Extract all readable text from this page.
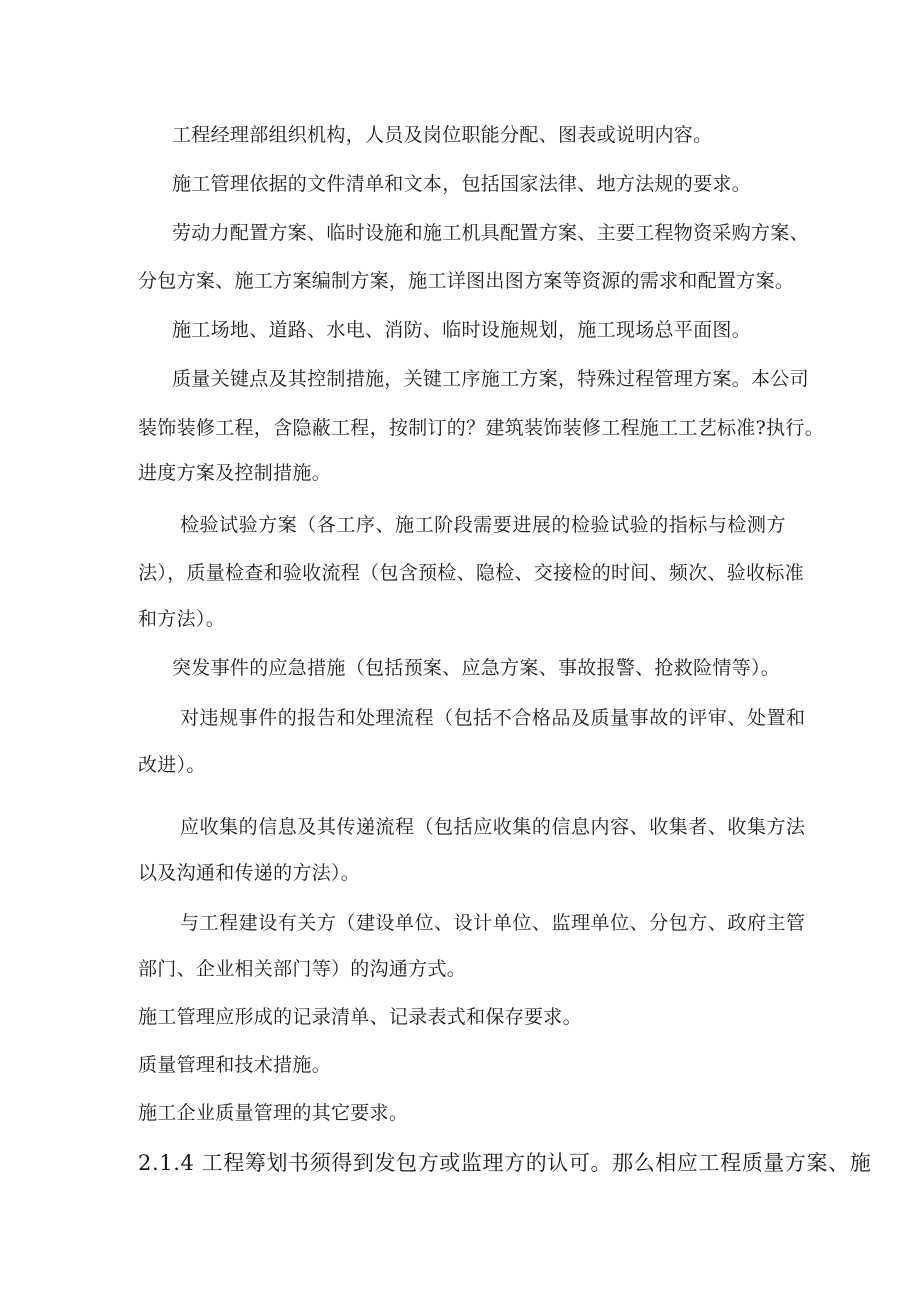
工程经理部组织机构，人员及岗位职能分配、图表或说明内容。
施工管理依据的文件清单和文本，包括国家法律、地方法规的要求。
劳动力配置方案、临时设施和施工机具配置方案、主要工程物资采购方案、
分包方案、施工方案编制方案，施工详图出图方案等资源的需求和配置方案。
施工场地、道路、水电、消防、临时设施规划，施工现场总平面图。
质量关键点及其控制措施，关键工序施工方案，特殊过程管理方案。本公司
装饰装修工程，含隐蔽工程，按制订的？建筑装饰装修工程施工工艺标准?执行。
进度方案及控制措施。
检验试验方案（各工序、施工阶段需要进展的检验试验的指标与检测方
法），质量检查和验收流程（包含预检、隐检、交接检的时间、频次、验收标准
和方法）。
突发事件的应急措施（包括预案、应急方案、事故报警、抢救险情等）。
对违规事件的报告和处理流程（包括不合格品及质量事故的评审、处置和
改进）。
应收集的信息及其传递流程（包括应收集的信息内容、收集者、收集方法
以及沟通和传递的方法）。
与工程建设有关方（建设单位、设计单位、监理单位、分包方、政府主管
部门、企业相关部门等）的沟通方式。
施工管理应形成的记录清单、记录表式和保存要求。
质量管理和技术措施。
施工企业质量管理的其它要求。
2.1.4 工程筹划书须得到发包方或监理方的认可。那么相应工程质量方案、施
